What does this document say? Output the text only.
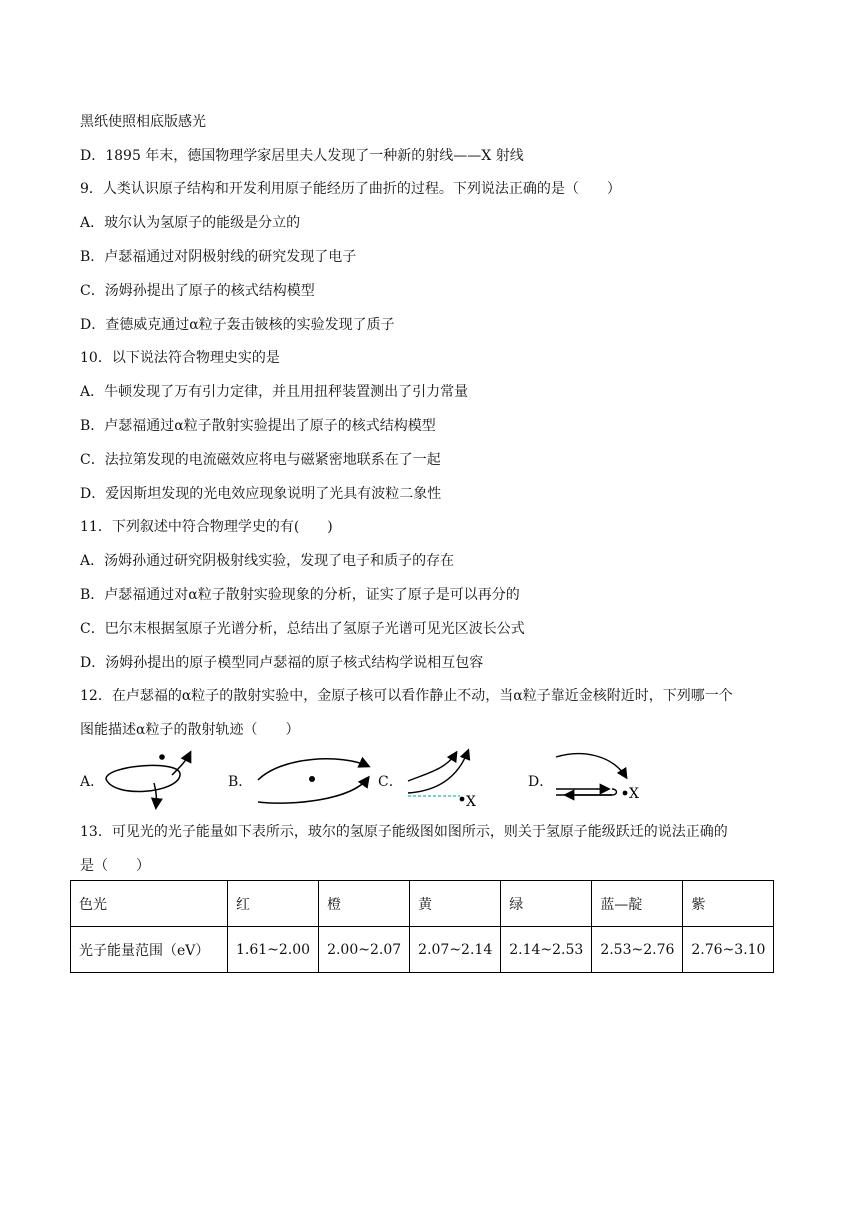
黑纸使照相底版感光
D．1895 年末，德国物理学家居里夫人发现了一种新的射线——X 射线
9．人类认识原子结构和开发利用原子能经历了曲折的过程。下列说法正确的是（　　）
A．玻尔认为氢原子的能级是分立的
B．卢瑟福通过对阴极射线的研究发现了电子
C．汤姆孙提出了原子的核式结构模型
D．查德威克通过α粒子轰击铍核的实验发现了质子
10．以下说法符合物理史实的是
A．牛顿发现了万有引力定律，并且用扭秤装置测出了引力常量
B．卢瑟福通过α粒子散射实验提出了原子的核式结构模型
C．法拉第发现的电流磁效应将电与磁紧密地联系在了一起
D．爱因斯坦发现的光电效应现象说明了光具有波粒二象性
11．下列叙述中符合物理学史的有(　　)
A．汤姆孙通过研究阴极射线实验，发现了电子和质子的存在
B．卢瑟福通过对α粒子散射实验现象的分析，证实了原子是可以再分的
C．巴尔末根据氢原子光谱分析，总结出了氢原子光谱可见光区波长公式
D．汤姆孙提出的原子模型同卢瑟福的原子核式结构学说相互包容
12．在卢瑟福的α粒子的散射实验中，金原子核可以看作静止不动，当α粒子靠近金核附近时，下列哪一个
图能描述α粒子的散射轨迹（　　）
A．	B．	C．	D．
X	X
13．可见光的光子能量如下表所示，玻尔的氢原子能级图如图所示，则关于氢原子能级跃迁的说法正确的
是（　　）
色光	红	橙	黄	绿	蓝—靛	紫
光子能量范围（eV）	1.61~2.00	2.00~2.07	2.07~2.14	2.14~2.53	2.53~2.76	2.76~3.10
